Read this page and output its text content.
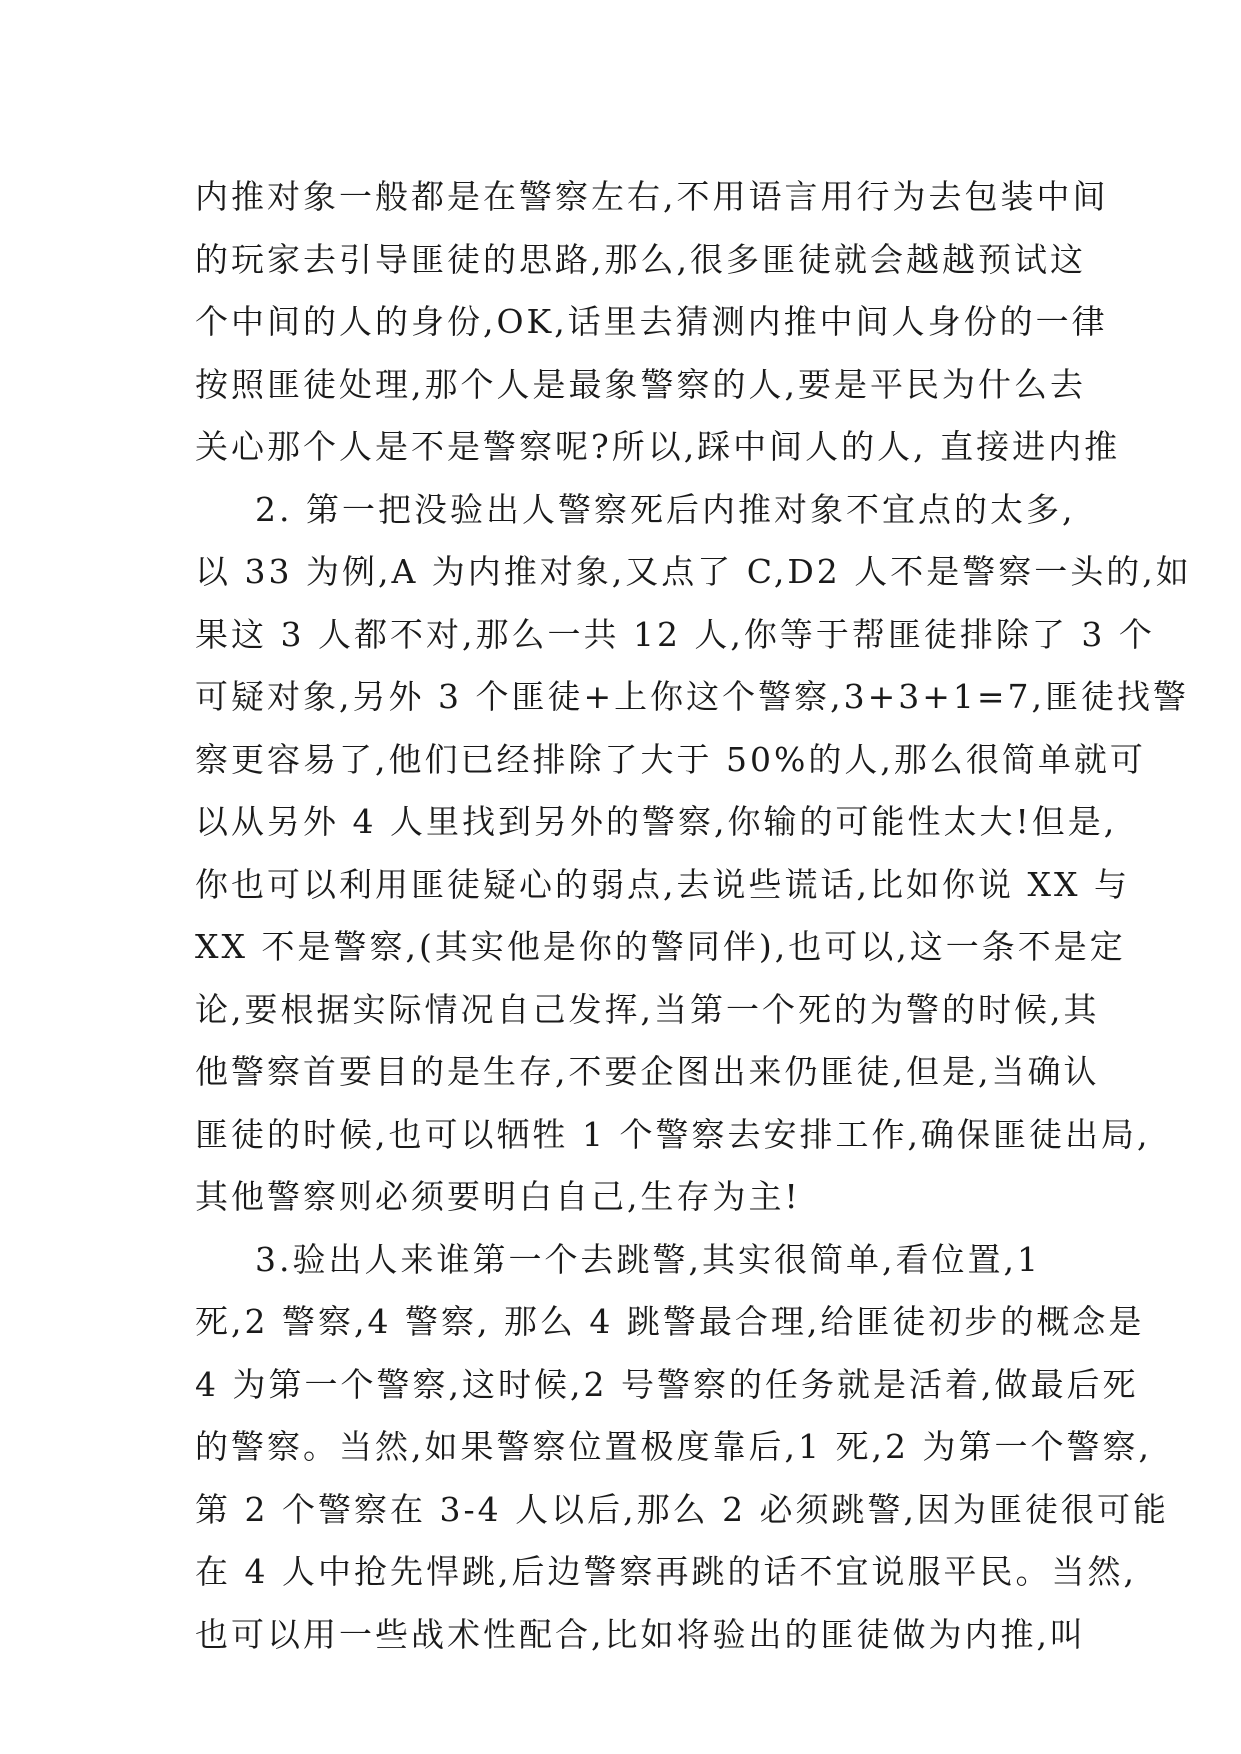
内推对象一般都是在警察左右,不用语言用行为去包装中间
的玩家去引导匪徒的思路,那么,很多匪徒就会越越预试这
个中间的人的身份,OK,话里去猜测内推中间人身份的一律
按照匪徒处理,那个人是最象警察的人,要是平民为什么去
关心那个人是不是警察呢?所以,踩中间人的人, 直接进内推
2. 第一把没验出人警察死后内推对象不宜点的太多,
以 33 为例,A 为内推对象,又点了 C,D2 人不是警察一头的,如
果这 3 人都不对,那么一共 12 人,你等于帮匪徒排除了 3 个
可疑对象,另外 3 个匪徒+上你这个警察,3+3+1=7,匪徒找警
察更容易了,他们已经排除了大于 50%的人,那么很简单就可
以从另外 4 人里找到另外的警察,你输的可能性太大!但是,
你也可以利用匪徒疑心的弱点,去说些谎话,比如你说 XX 与
XX 不是警察,(其实他是你的警同伴),也可以,这一条不是定
论,要根据实际情况自己发挥,当第一个死的为警的时候,其
他警察首要目的是生存,不要企图出来仍匪徒,但是,当确认
匪徒的时候,也可以牺牲 1 个警察去安排工作,确保匪徒出局,
其他警察则必须要明白自己,生存为主!
3.验出人来谁第一个去跳警,其实很简单,看位置,1
死,2 警察,4 警察, 那么 4 跳警最合理,给匪徒初步的概念是
4 为第一个警察,这时候,2 号警察的任务就是活着,做最后死
的警察。当然,如果警察位置极度靠后,1 死,2 为第一个警察,
第 2 个警察在 3-4 人以后,那么 2 必须跳警,因为匪徒很可能
在 4 人中抢先悍跳,后边警察再跳的话不宜说服平民。当然,
也可以用一些战术性配合,比如将验出的匪徒做为内推,叫
